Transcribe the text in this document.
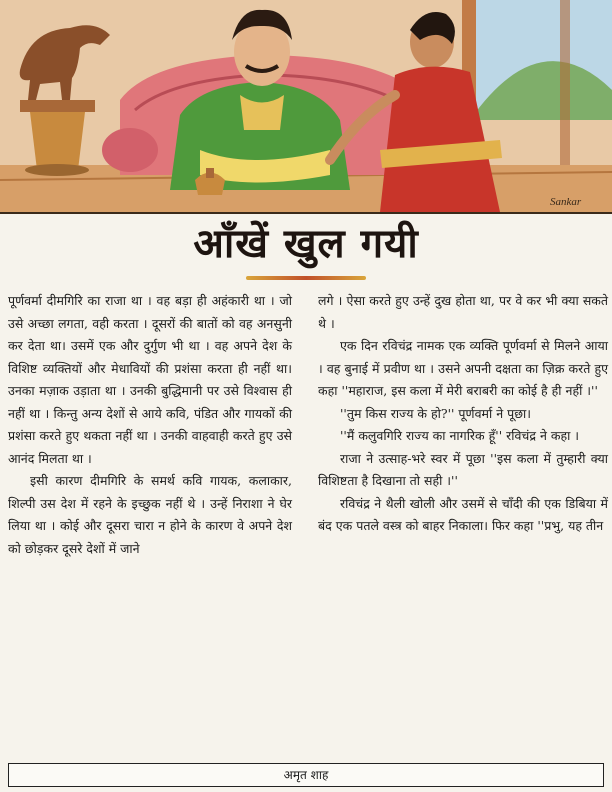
Sankar
आँखें खुल गयी

पूर्णवर्मा दीमगिरि का राजा था । वह बड़ा ही अहंकारी था । जो उसे अच्छा लगता, वही करता । दूसरों की बातों को वह अनसुनी कर देता था। उसमें एक और दुर्गुण भी था । वह अपने देश के विशिष्ट व्यक्तियों और मेधावियों की प्रशंसा करता ही नहीं था। उनका मज़ाक उड़ाता था । उनकी बुद्धिमानी पर उसे विश्वास ही नहीं था । किन्तु अन्य देशों से आये कवि, पंडित और गायकों की प्रशंसा करते हुए थकता नहीं था । उनकी वाहवाही करते हुए उसे आनंद मिलता था ।

इसी कारण दीमगिरि के समर्थ कवि गायक, कलाकार, शिल्पी उस देश में रहने के इच्छुक नहीं थे । उन्हें निराशा ने घेर लिया था । कोई और दूसरा चारा न होने के कारण वे अपने देश को छोड़कर दूसरे देशों में जाने

लगे । ऐसा करते हुए उन्हें दुख होता था, पर वे कर भी क्या सकते थे ।

एक दिन रविचंद्र नामक एक व्यक्ति पूर्णवर्मा से मिलने आया । वह बुनाई में प्रवीण था । उसने अपनी दक्षता का ज़िक्र करते हुए कहा ''महाराज, इस कला में मेरी बराबरी का कोई है ही नहीं ।''

''तुम किस राज्य के हो?'' पूर्णवर्मा ने पूछा।

''मैं कलुवगिरि राज्य का नागरिक हूँ'' रविचंद्र ने कहा ।

राजा ने उत्साह-भरे स्वर में पूछा ''इस कला में तुम्हारी क्या विशिष्टता है दिखाना तो सही ।''

रविचंद्र ने थैली खोली और उसमें से चाँदी की एक डिबिया में बंद एक पतले वस्त्र को बाहर निकाला। फिर कहा ''प्रभु, यह तीन

अमृत शाह
